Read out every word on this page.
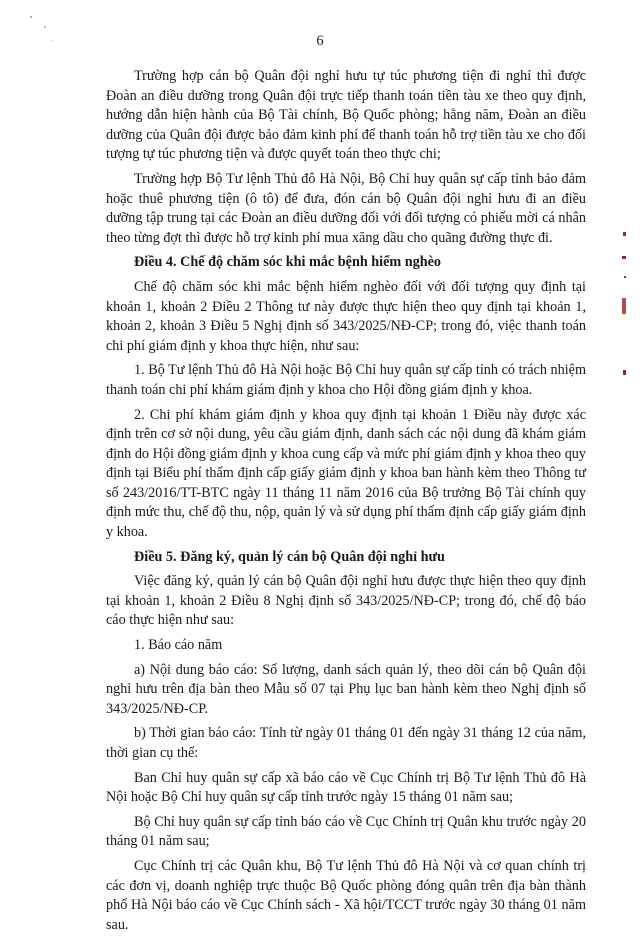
6

Trường hợp cán bộ Quân đội nghỉ hưu tự túc phương tiện đi nghỉ thì được Đoàn an điều dưỡng trong Quân đội trực tiếp thanh toán tiền tàu xe theo quy định, hướng dẫn hiện hành của Bộ Tài chính, Bộ Quốc phòng; hằng năm, Đoàn an điều dưỡng của Quân đội được bảo đảm kinh phí để thanh toán hỗ trợ tiền tàu xe cho đối tượng tự túc phương tiện và được quyết toán theo thực chi;

Trường hợp Bộ Tư lệnh Thủ đô Hà Nội, Bộ Chỉ huy quân sự cấp tỉnh bảo đảm hoặc thuê phương tiện (ô tô) để đưa, đón cán bộ Quân đội nghỉ hưu đi an điều dưỡng tập trung tại các Đoàn an điều dưỡng đối với đối tượng có phiếu mời cá nhân theo từng đợt thì được hỗ trợ kinh phí mua xăng dầu cho quãng đường thực đi.

Điều 4. Chế độ chăm sóc khi mắc bệnh hiểm nghèo

Chế độ chăm sóc khi mắc bệnh hiểm nghèo đối với đối tượng quy định tại khoản 1, khoản 2 Điều 2 Thông tư này được thực hiện theo quy định tại khoản 1, khoản 2, khoản 3 Điều 5 Nghị định số 343/2025/NĐ-CP; trong đó, việc thanh toán chi phí giám định y khoa thực hiện, như sau:

1. Bộ Tư lệnh Thủ đô Hà Nội hoặc Bộ Chỉ huy quân sự cấp tỉnh có trách nhiệm thanh toán chi phí khám giám định y khoa cho Hội đồng giám định y khoa.

2. Chi phí khám giám định y khoa quy định tại khoản 1 Điều này được xác định trên cơ sở nội dung, yêu cầu giám định, danh sách các nội dung đã khám giám định do Hội đồng giám định y khoa cung cấp và mức phí giám định y khoa theo quy định tại Biểu phí thẩm định cấp giấy giám định y khoa ban hành kèm theo Thông tư số 243/2016/TT-BTC ngày 11 tháng 11 năm 2016 của Bộ trưởng Bộ Tài chính quy định mức thu, chế độ thu, nộp, quản lý và sử dụng phí thẩm định cấp giấy giám định y khoa.

Điều 5. Đăng ký, quản lý cán bộ Quân đội nghỉ hưu

Việc đăng ký, quản lý cán bộ Quân đội nghỉ hưu được thực hiện theo quy định tại khoản 1, khoản 2 Điều 8 Nghị định số 343/2025/NĐ-CP; trong đó, chế độ báo cáo thực hiện như sau:

1. Báo cáo năm

a) Nội dung báo cáo: Số lượng, danh sách quản lý, theo dõi cán bộ Quân đội nghỉ hưu trên địa bàn theo Mẫu số 07 tại Phụ lục ban hành kèm theo Nghị định số 343/2025/NĐ-CP.

b) Thời gian báo cáo: Tính từ ngày 01 tháng 01 đến ngày 31 tháng 12 của năm, thời gian cụ thể:

Ban Chỉ huy quân sự cấp xã báo cáo về Cục Chính trị Bộ Tư lệnh Thủ đô Hà Nội hoặc Bộ Chỉ huy quân sự cấp tỉnh trước ngày 15 tháng 01 năm sau;

Bộ Chỉ huy quân sự cấp tỉnh báo cáo về Cục Chính trị Quân khu trước ngày 20 tháng 01 năm sau;

Cục Chính trị các Quân khu, Bộ Tư lệnh Thủ đô Hà Nội và cơ quan chính trị các đơn vị, doanh nghiệp trực thuộc Bộ Quốc phòng đóng quân trên địa bàn thành phố Hà Nội báo cáo về Cục Chính sách - Xã hội/TCCT trước ngày 30 tháng 01 năm sau.
